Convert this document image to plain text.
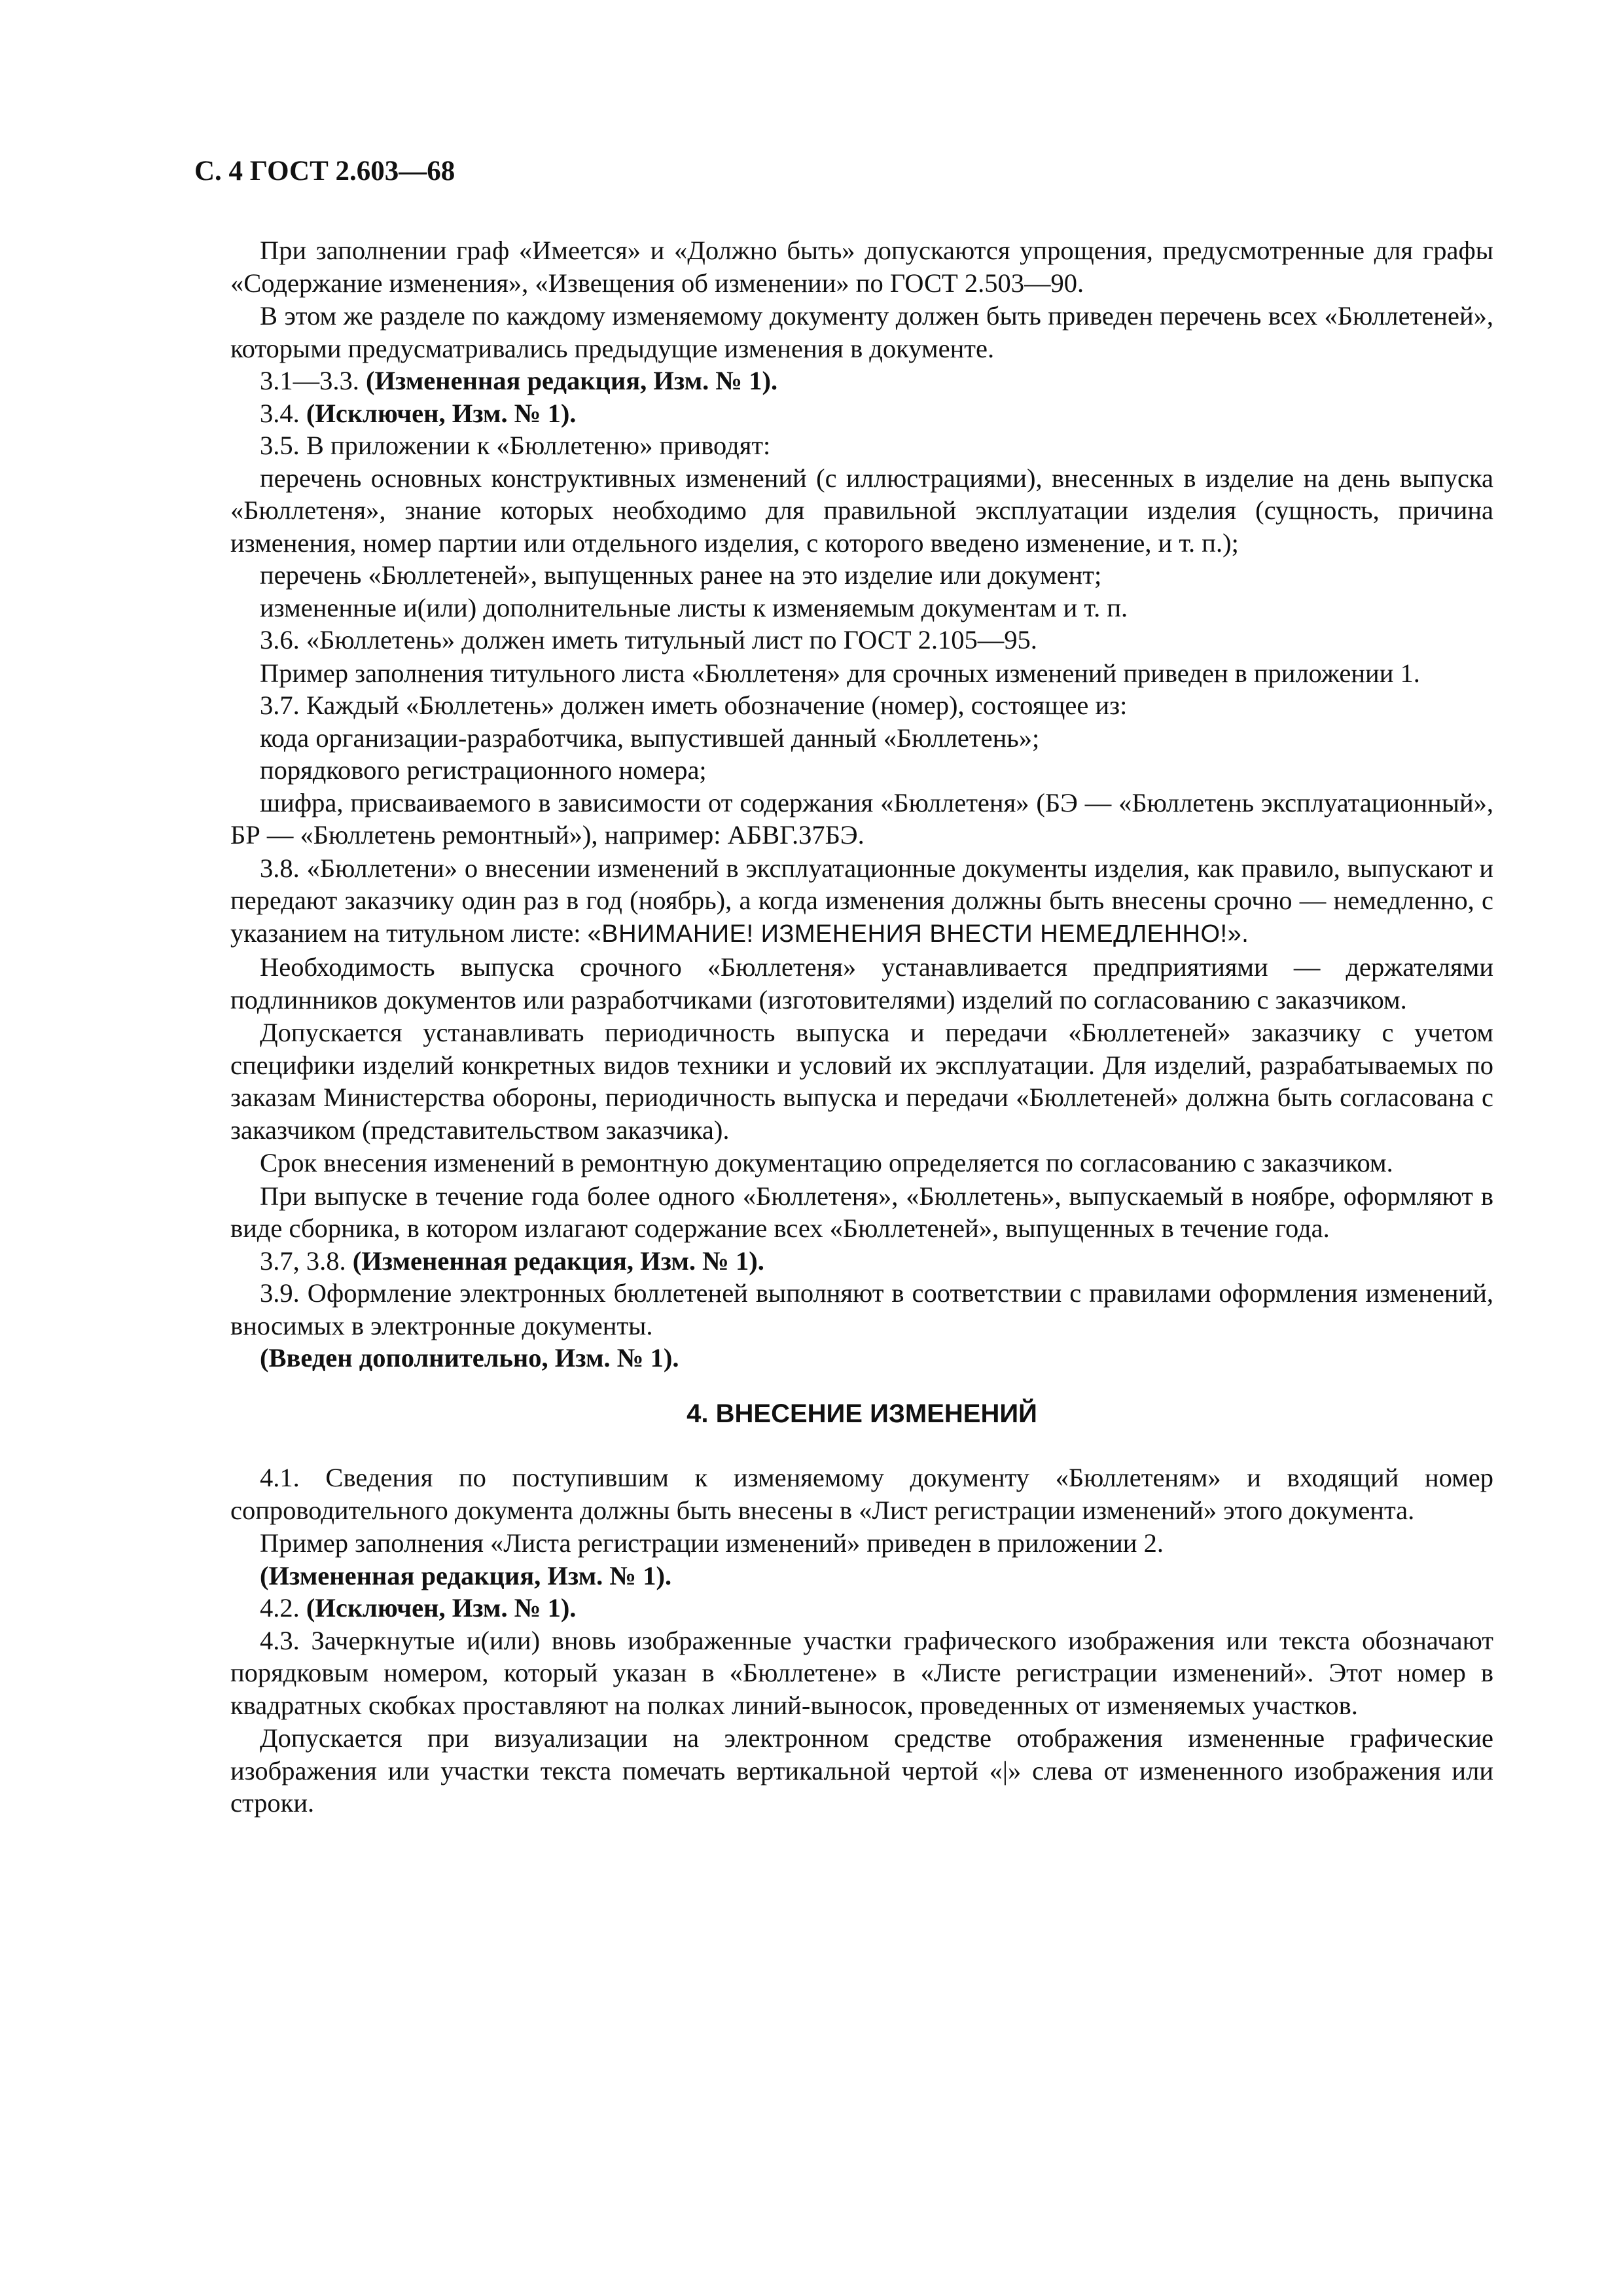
С. 4 ГОСТ 2.603—68

При заполнении граф «Имеется» и «Должно быть» допускаются упрощения, предусмотренные для графы «Содержание изменения», «Извещения об изменении» по ГОСТ 2.503—90.

В этом же разделе по каждому изменяемому документу должен быть приведен перечень всех «Бюллетеней», которыми предусматривались предыдущие изменения в документе.

3.1—3.3. (Измененная редакция, Изм. № 1).

3.4. (Исключен, Изм. № 1).

3.5. В приложении к «Бюллетеню» приводят:

перечень основных конструктивных изменений (с иллюстрациями), внесенных в изделие на день выпуска «Бюллетеня», знание которых необходимо для правильной эксплуатации изделия (сущность, причина изменения, номер партии или отдельного изделия, с которого введено изменение, и т. п.);

перечень «Бюллетеней», выпущенных ранее на это изделие или документ;

измененные и(или) дополнительные листы к изменяемым документам и т. п.

3.6. «Бюллетень» должен иметь титульный лист по ГОСТ 2.105—95.

Пример заполнения титульного листа «Бюллетеня» для срочных изменений приведен в приложении 1.

3.7. Каждый «Бюллетень» должен иметь обозначение (номер), состоящее из:

кода организации-разработчика, выпустившей данный «Бюллетень»;

порядкового регистрационного номера;

шифра, присваиваемого в зависимости от содержания «Бюллетеня» (БЭ — «Бюллетень эксплуатационный», БР — «Бюллетень ремонтный»), например: АБВГ.37БЭ.

3.8. «Бюллетени» о внесении изменений в эксплуатационные документы изделия, как правило, выпускают и передают заказчику один раз в год (ноябрь), а когда изменения должны быть внесены срочно — немедленно, с указанием на титульном листе: «ВНИМАНИЕ! ИЗМЕНЕНИЯ ВНЕСТИ НЕМЕДЛЕННО!».

Необходимость выпуска срочного «Бюллетеня» устанавливается предприятиями — держателями подлинников документов или разработчиками (изготовителями) изделий по согласованию с заказчиком.

Допускается устанавливать периодичность выпуска и передачи «Бюллетеней» заказчику с учетом специфики изделий конкретных видов техники и условий их эксплуатации. Для изделий, разрабатываемых по заказам Министерства обороны, периодичность выпуска и передачи «Бюллетеней» должна быть согласована с заказчиком (представительством заказчика).

Срок внесения изменений в ремонтную документацию определяется по согласованию с заказчиком.

При выпуске в течение года более одного «Бюллетеня», «Бюллетень», выпускаемый в ноябре, оформляют в виде сборника, в котором излагают содержание всех «Бюллетеней», выпущенных в течение года.

3.7, 3.8. (Измененная редакция, Изм. № 1).

3.9. Оформление электронных бюллетеней выполняют в соответствии с правилами оформления изменений, вносимых в электронные документы.

(Введен дополнительно, Изм. № 1).

4. ВНЕСЕНИЕ ИЗМЕНЕНИЙ

4.1. Сведения по поступившим к изменяемому документу «Бюллетеням» и входящий номер сопроводительного документа должны быть внесены в «Лист регистрации изменений» этого документа.

Пример заполнения «Листа регистрации изменений» приведен в приложении 2.

(Измененная редакция, Изм. № 1).

4.2. (Исключен, Изм. № 1).

4.3. Зачеркнутые и(или) вновь изображенные участки графического изображения или текста обозначают порядковым номером, который указан в «Бюллетене» в «Листе регистрации изменений». Этот номер в квадратных скобках проставляют на полках линий-выносок, проведенных от изменяемых участков.

Допускается при визуализации на электронном средстве отображения измененные графические изображения или участки текста помечать вертикальной чертой «|» слева от измененного изображения или строки.
